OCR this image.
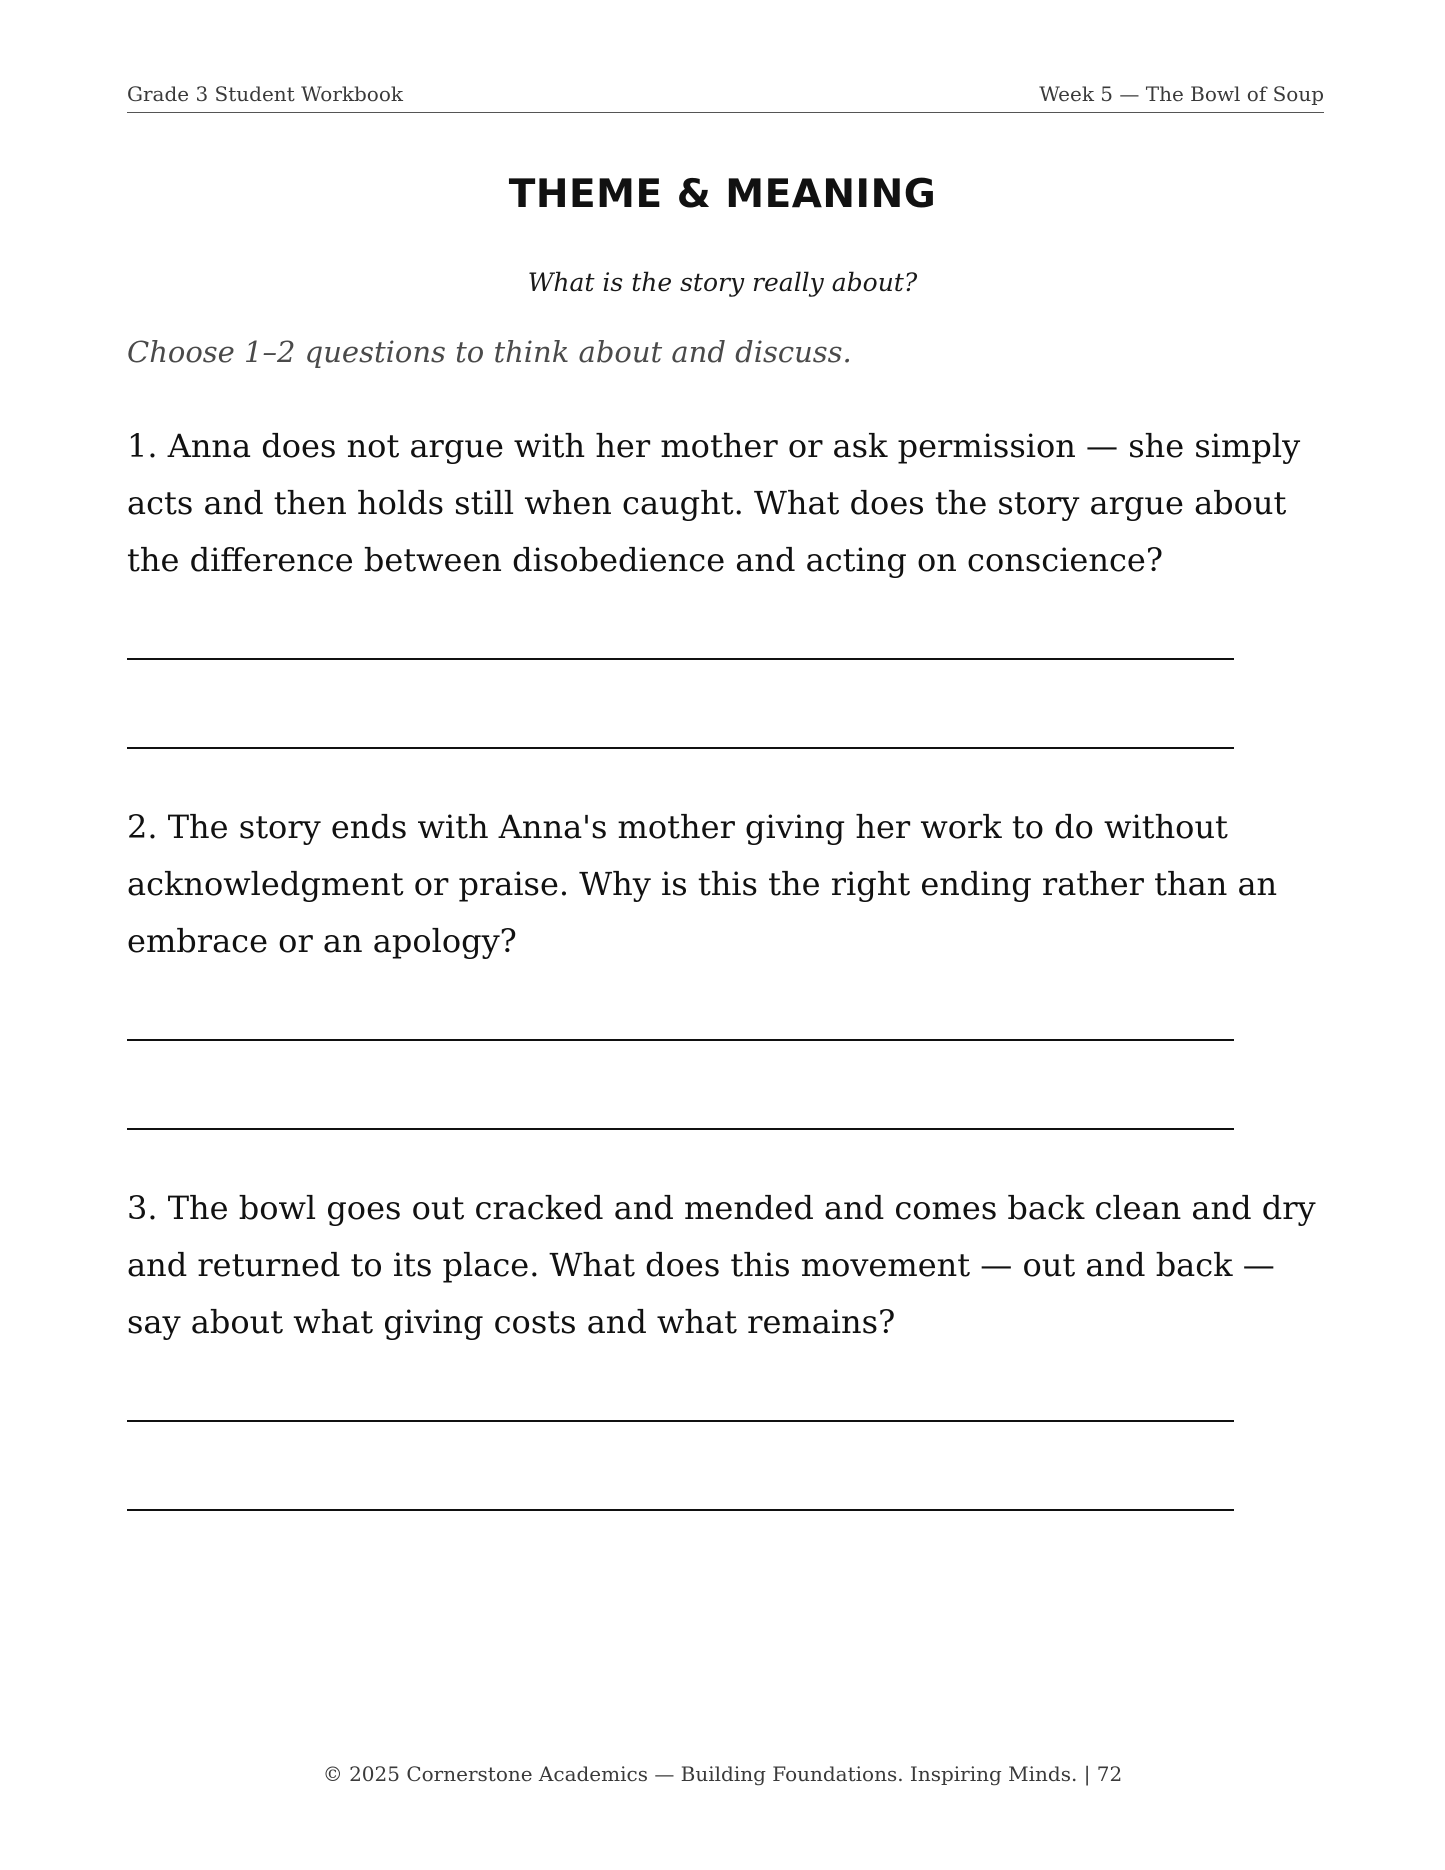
Grade 3 Student Workbook	Week 5 — The Bowl of Soup
THEME & MEANING
What is the story really about?
Choose 1–2 questions to think about and discuss.
1. Anna does not argue with her mother or ask permission — she simply acts and then holds still when caught. What does the story argue about the difference between disobedience and acting on conscience?
2. The story ends with Anna's mother giving her work to do without acknowledgment or praise. Why is this the right ending rather than an embrace or an apology?
3. The bowl goes out cracked and mended and comes back clean and dry and returned to its place. What does this movement — out and back — say about what giving costs and what remains?
© 2025 Cornerstone Academics — Building Foundations. Inspiring Minds. | 72
